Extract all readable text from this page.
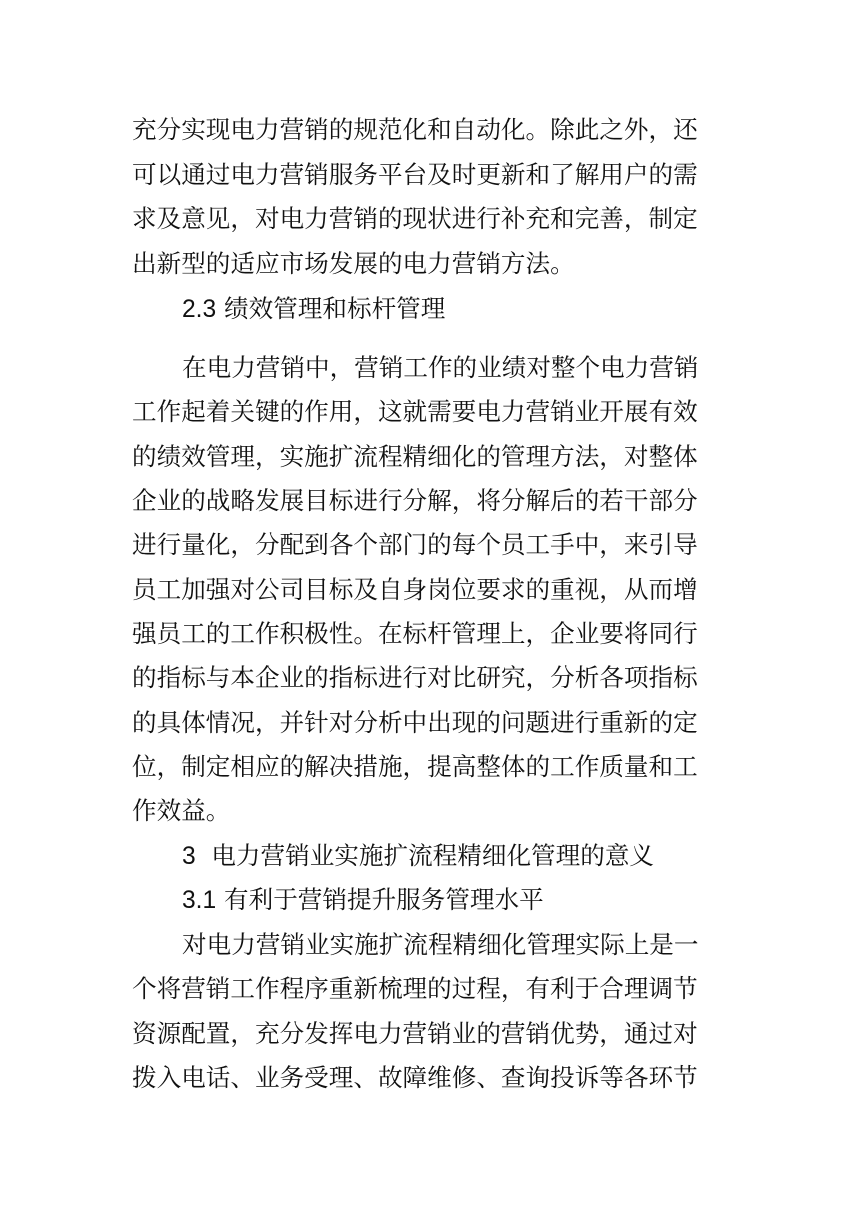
充分实现电力营销的规范化和自动化。除此之外，还
可以通过电力营销服务平台及时更新和了解用户的需
求及意见，对电力营销的现状进行补充和完善，制定
出新型的适应市场发展的电力营销方法。
2.3 绩效管理和标杆管理
在电力营销中，营销工作的业绩对整个电力营销
工作起着关键的作用，这就需要电力营销业开展有效
的绩效管理，实施扩流程精细化的管理方法，对整体
企业的战略发展目标进行分解，将分解后的若干部分
进行量化，分配到各个部门的每个员工手中，来引导
员工加强对公司目标及自身岗位要求的重视，从而增
强员工的工作积极性。在标杆管理上，企业要将同行
的指标与本企业的指标进行对比研究，分析各项指标
的具体情况，并针对分析中出现的问题进行重新的定
位，制定相应的解决措施，提高整体的工作质量和工
作效益。
3  电力营销业实施扩流程精细化管理的意义
3.1 有利于营销提升服务管理水平
对电力营销业实施扩流程精细化管理实际上是一
个将营销工作程序重新梳理的过程，有利于合理调节
资源配置，充分发挥电力营销业的营销优势，通过对
拨入电话、业务受理、故障维修、查询投诉等各环节
